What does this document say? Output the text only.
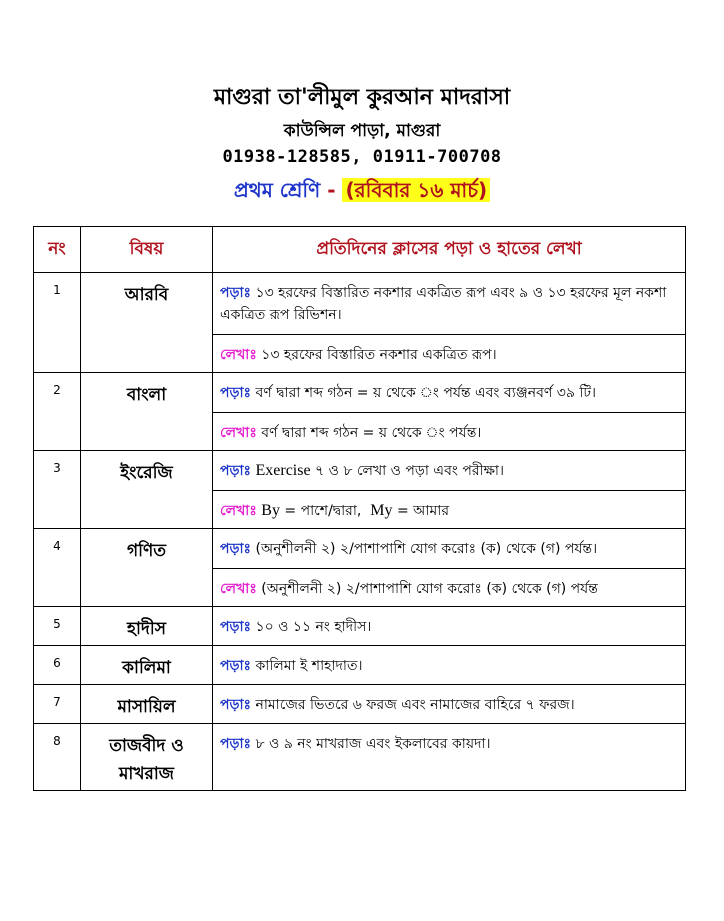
মাগুরা তা'লীমুল কুরআন মাদরাসা
কাউন্সিল পাড়া, মাগুরা
01938-128585, 01911-700708
প্রথম শ্রেণি - (রবিবার ১৬ মার্চ)
নং	বিষয়	প্রতিদিনের ক্লাসের পড়া ও হাতের লেখা
1	আরবি	পড়াঃ ১৩ হরফের বিস্তারিত নকশার একত্রিত রূপ এবং ৯ ও ১৩ হরফের মূল নকশা একত্রিত রূপ রিভিশন।
		লেখাঃ ১৩ হরফের বিস্তারিত নকশার একত্রিত রূপ।
2	বাংলা	পড়াঃ বর্ণ দ্বারা শব্দ গঠন = য় থেকে ং পর্যন্ত এবং ব্যঞ্জনবর্ণ ৩৯ টি।
		লেখাঃ বর্ণ দ্বারা শব্দ গঠন = য় থেকে ং পর্যন্ত।
3	ইংরেজি	পড়াঃ Exercise ৭ ও ৮ লেখা ও পড়া এবং পরীক্ষা।
		লেখাঃ By = পাশে/দ্বারা, My = আমার
4	গণিত	পড়াঃ (অনুশীলনী ২) ২/পাশাপাশি যোগ করোঃ (ক) থেকে (গ) পর্যন্ত।
		লেখাঃ (অনুশীলনী ২) ২/পাশাপাশি যোগ করোঃ (ক) থেকে (গ) পর্যন্ত
5	হাদীস	পড়াঃ ১০ ও ১১ নং হাদীস।
6	কালিমা	পড়াঃ কালিমা ই শাহাদাত।
7	মাসায়িল	পড়াঃ নামাজের ভিতরে ৬ ফরজ এবং নামাজের বাহিরে ৭ ফরজ।
8	তাজবীদ ও মাখরাজ	পড়াঃ ৮ ও ৯ নং মাখরাজ এবং ইকলাবের কায়দা।
